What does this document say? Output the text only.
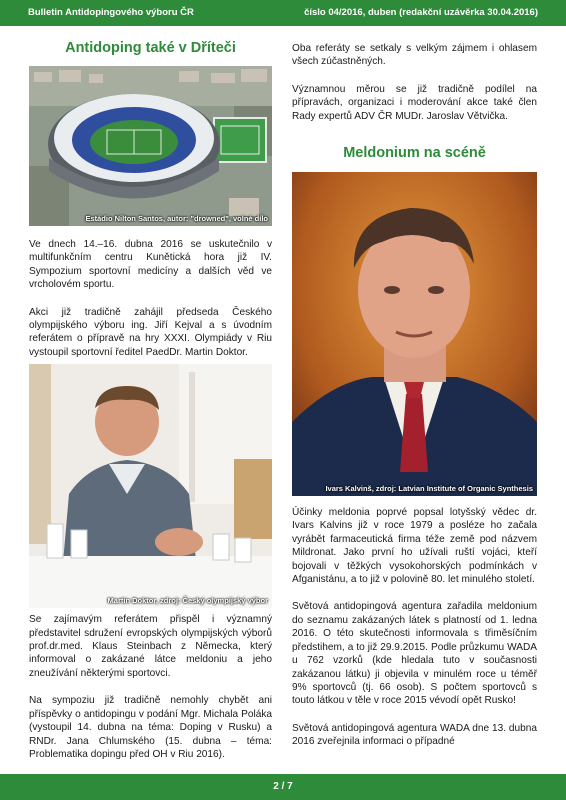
Bulletin Antidopingového výboru ČR	číslo 04/2016, duben (redakční uzávěrka 30.04.2016)
Antidoping také v Dříteči
Estádio Nilton Santos, autor: "drowned", volné dílo

Ve dnech 14.–16. dubna 2016 se uskutečnilo v multifunkčním centru Kunětická hora již IV. Sympozium sportovní medicíny a dalších věd ve vrcholovém sportu.

Akci již tradičně zahájil předseda Českého olympijského výboru ing. Jiří Kejval a s úvodním referátem o přípravě na hry XXXI. Olympiády v Riu vystoupil sportovní ředitel PaedDr. Martin Doktor.

Martin Doktor, zdroj: Český olympijský výbor

Se zajímavým referátem přispěl i významný představitel sdružení evropských olympijských výborů prof.dr.med. Klaus Steinbach z Německa, který informoval o zakázané látce meldoniu a jeho zneužívání některými sportovci.

Na sympoziu již tradičně nemohly chybět ani příspěvky o antidopingu v podání Mgr. Michala Poláka (vystoupil 14. dubna na téma: Doping v Rusku) a RNDr. Jana Chlumského (15. dubna – téma: Problematika dopingu před OH v Riu 2016).

Oba referáty se setkaly s velkým zájmem i ohlasem všech zúčastněných.

Významnou měrou se již tradičně podílel na přípravách, organizaci i moderování akce také člen Rady expertů ADV ČR MUDr. Jaroslav Větvička.

Meldonium na scéně
Ivars Kalvinš, zdroj: Latvian Institute of Organic Synthesis

Účinky meldonia poprvé popsal lotyšský vědec dr. Ivars Kalvins již v roce 1979 a posléze ho začala vyrábět farmaceutická firma téže země pod názvem Mildronat. Jako první ho užívali ruští vojáci, kteří bojovali v těžkých vysokohorských podmínkách v Afganistánu, a to již v polovině 80. let minulého století.

Světová antidopingová agentura zařadila meldonium do seznamu zakázaných látek s platností od 1. ledna 2016. O této skutečnosti informovala s třiměsíčním předstihem, a to již 29.9.2015. Podle průzkumu WADA u 762 vzorků (kde hledala tuto v současnosti zakázanou látku) ji objevila v minulém roce u téměř 9% sportovců (tj. 66 osob). S počtem sportovců s touto látkou v těle v roce 2015 vévodí opět Rusko!

Světová antidopingová agentura WADA dne 13. dubna 2016 zveřejnila informaci o případné

2 / 7
